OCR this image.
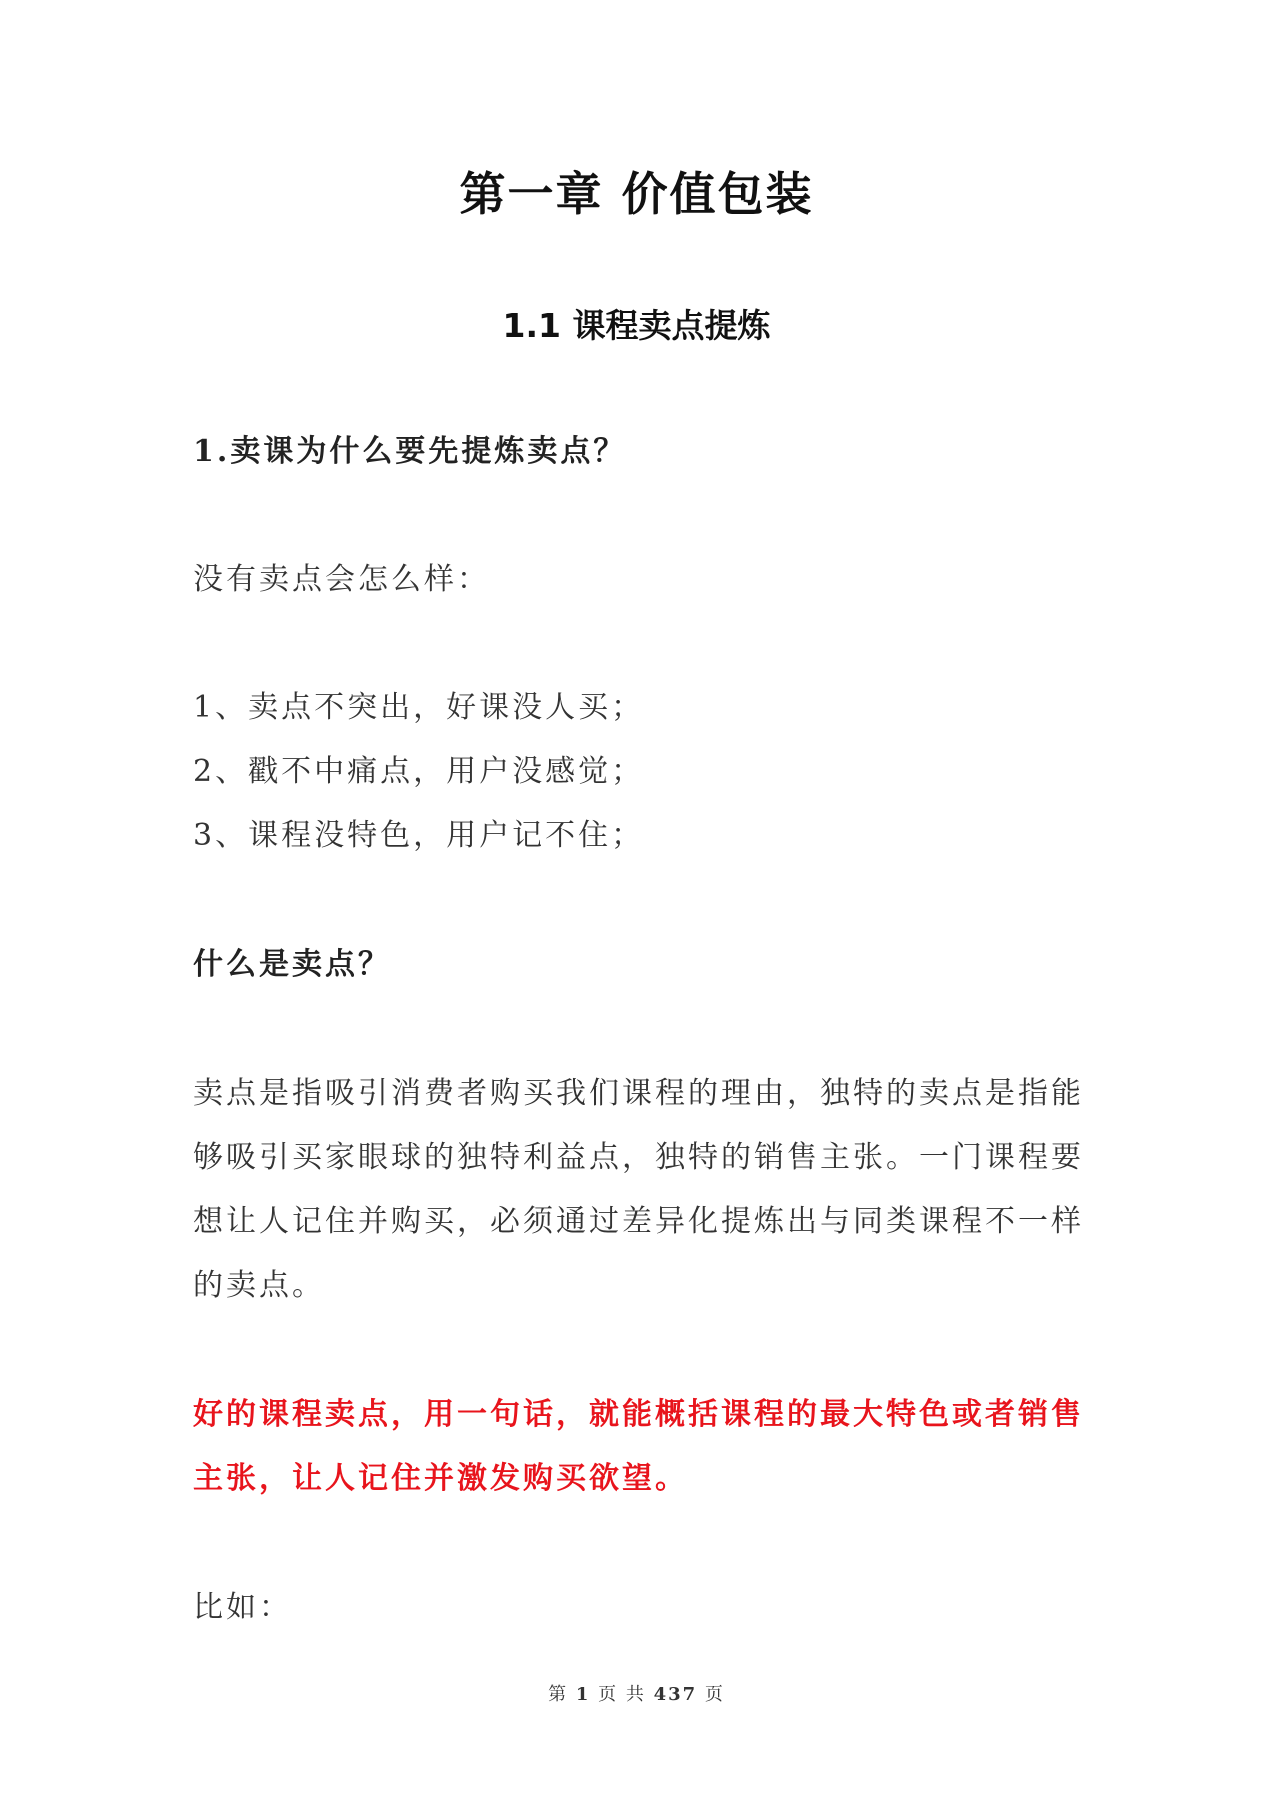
第一章 价值包装
1.1 课程卖点提炼

1.卖课为什么要先提炼卖点？

没有卖点会怎么样：

1、卖点不突出，好课没人买；
2、戳不中痛点，用户没感觉；
3、课程没特色，用户记不住；

什么是卖点？

卖点是指吸引消费者购买我们课程的理由，独特的卖点是指能够吸引买家眼球的独特利益点，独特的销售主张。一门课程要想让人记住并购买，必须通过差异化提炼出与同类课程不一样的卖点。

好的课程卖点，用一句话，就能概括课程的最大特色或者销售主张，让人记住并激发购买欲望。

比如：

第 1 页 共 437 页
